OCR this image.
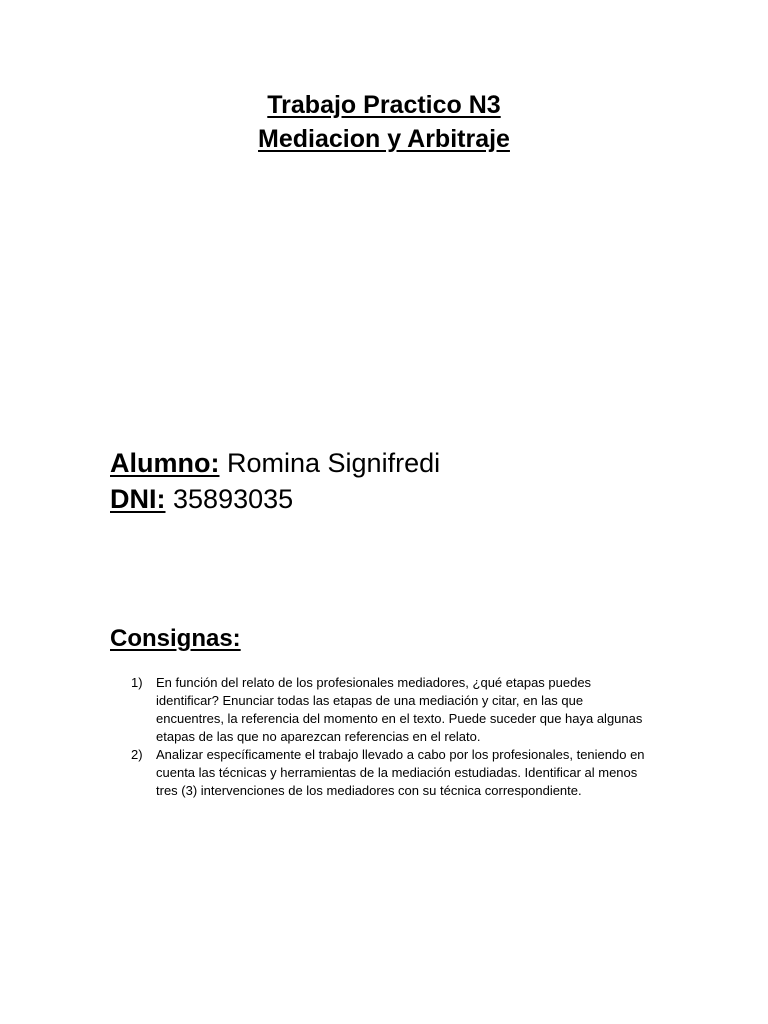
Trabajo Practico N3
Mediacion y Arbitraje
Alumno: Romina Signifredi
DNI: 35893035
Consignas:
1) En función del relato de los profesionales mediadores, ¿qué etapas puedes identificar? Enunciar todas las etapas de una mediación y citar, en las que encuentres, la referencia del momento en el texto. Puede suceder que haya algunas etapas de las que no aparezcan referencias en el relato.
2) Analizar específicamente el trabajo llevado a cabo por los profesionales, teniendo en cuenta las técnicas y herramientas de la mediación estudiadas. Identificar al menos tres (3) intervenciones de los mediadores con su técnica correspondiente.
